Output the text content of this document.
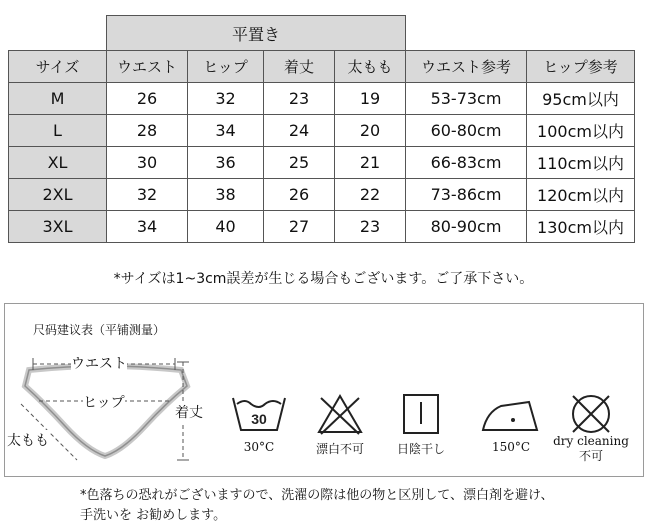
	平置き					
サイズ	ウエスト	ヒップ	着丈	太もも	ウエスト参考	ヒップ参考
M	26	32	23	19	53-73cm	95cm以内
L	28	34	24	20	60-80cm	100cm以内
XL	30	36	25	21	66-83cm	110cm以内
2XL	32	38	26	22	73-86cm	120cm以内
3XL	34	40	27	23	80-90cm	130cm以内
*サイズは1~3cm誤差が生じる場合もございます。ご了承下さい。
尺码建议表（平铺测量）
ウエスト
ヒップ
着丈
太もも
30
30°C	漂白不可	日陰干し	150°C	dry cleaning
不可
*色落ちの恐れがございますので、洗濯の際は他の物と区別して、漂白剤を避け、
手洗いを お勧めします。
